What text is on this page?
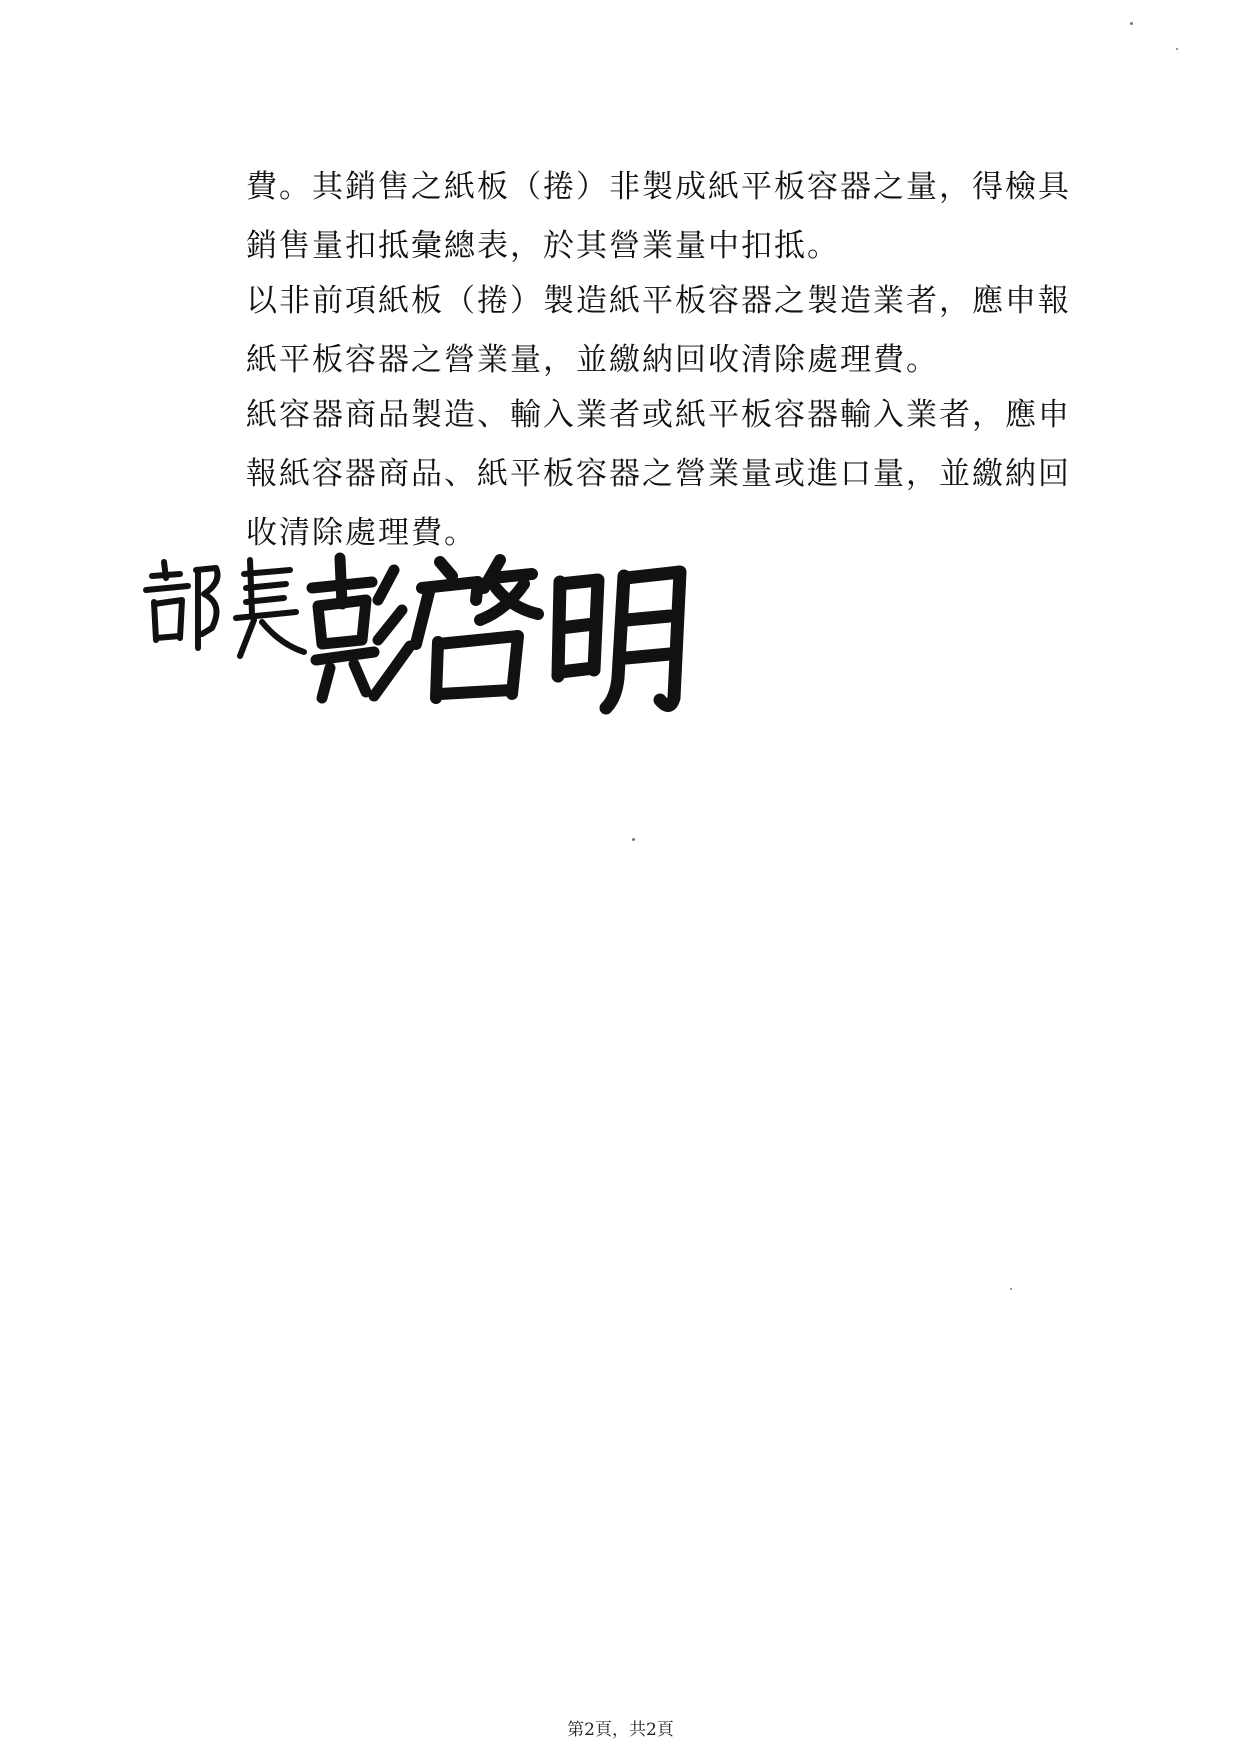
費。其銷售之紙板（捲）非製成紙平板容器之量，得檢具
銷售量扣抵彙總表，於其營業量中扣抵。
以非前項紙板（捲）製造紙平板容器之製造業者，應申報
紙平板容器之營業量，並繳納回收清除處理費。
紙容器商品製造、輸入業者或紙平板容器輸入業者，應申
報紙容器商品、紙平板容器之營業量或進口量，並繳納回
收清除處理費。
第2頁，共2頁
